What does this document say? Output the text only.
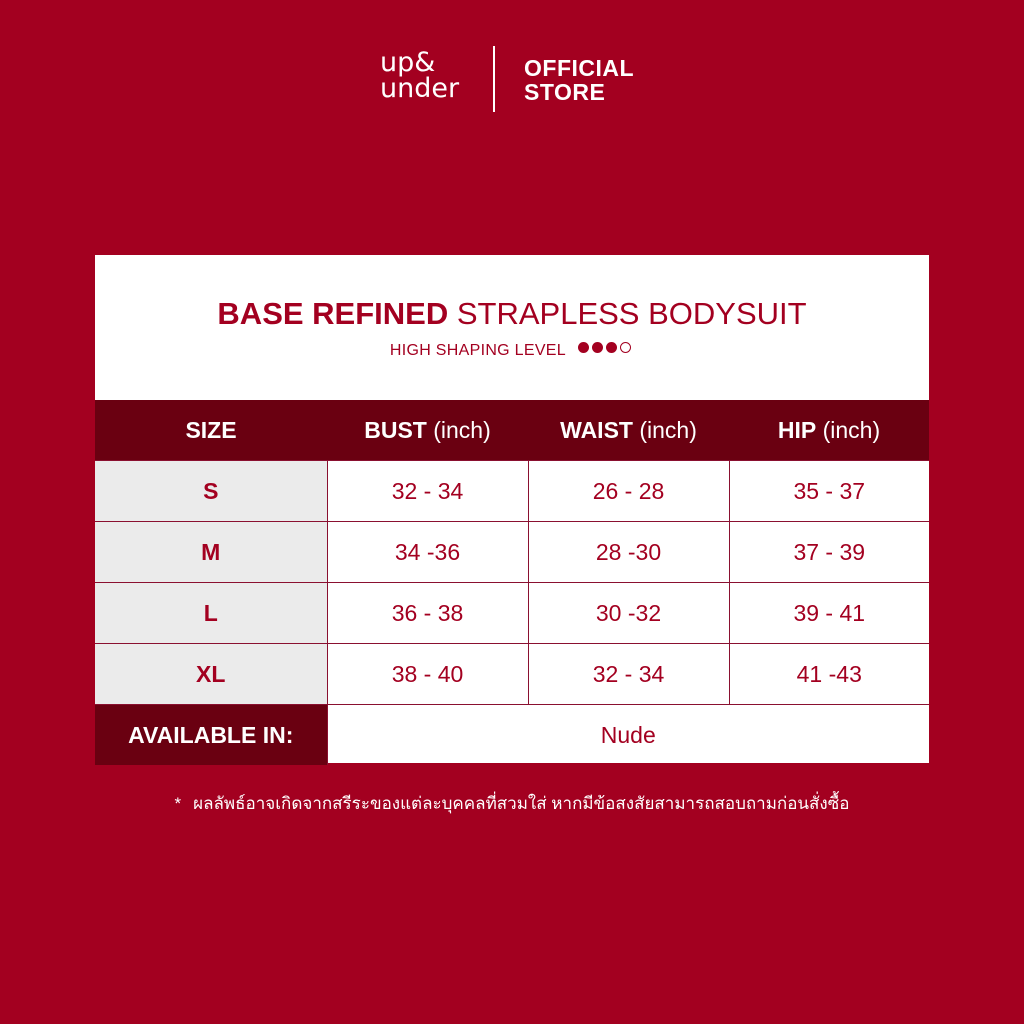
up&
under
OFFICIAL
STORE
BASE REFINED STRAPLESS BODYSUIT
HIGH SHAPING LEVEL
SIZE	BUST (inch)	WAIST (inch)	HIP (inch)
S	32 - 34	26 - 28	35 - 37
M	34 -36	28 -30	37 - 39
L	36 - 38	30 -32	39 - 41
XL	38 - 40	32 - 34	41 -43
AVAILABLE IN:	Nude		
* ผลลัพธ์อาจเกิดจากสรีระของแต่ละบุคคลที่สวมใส่ หากมีข้อสงสัยสามารถสอบถามก่อนสั่งซื้อ
